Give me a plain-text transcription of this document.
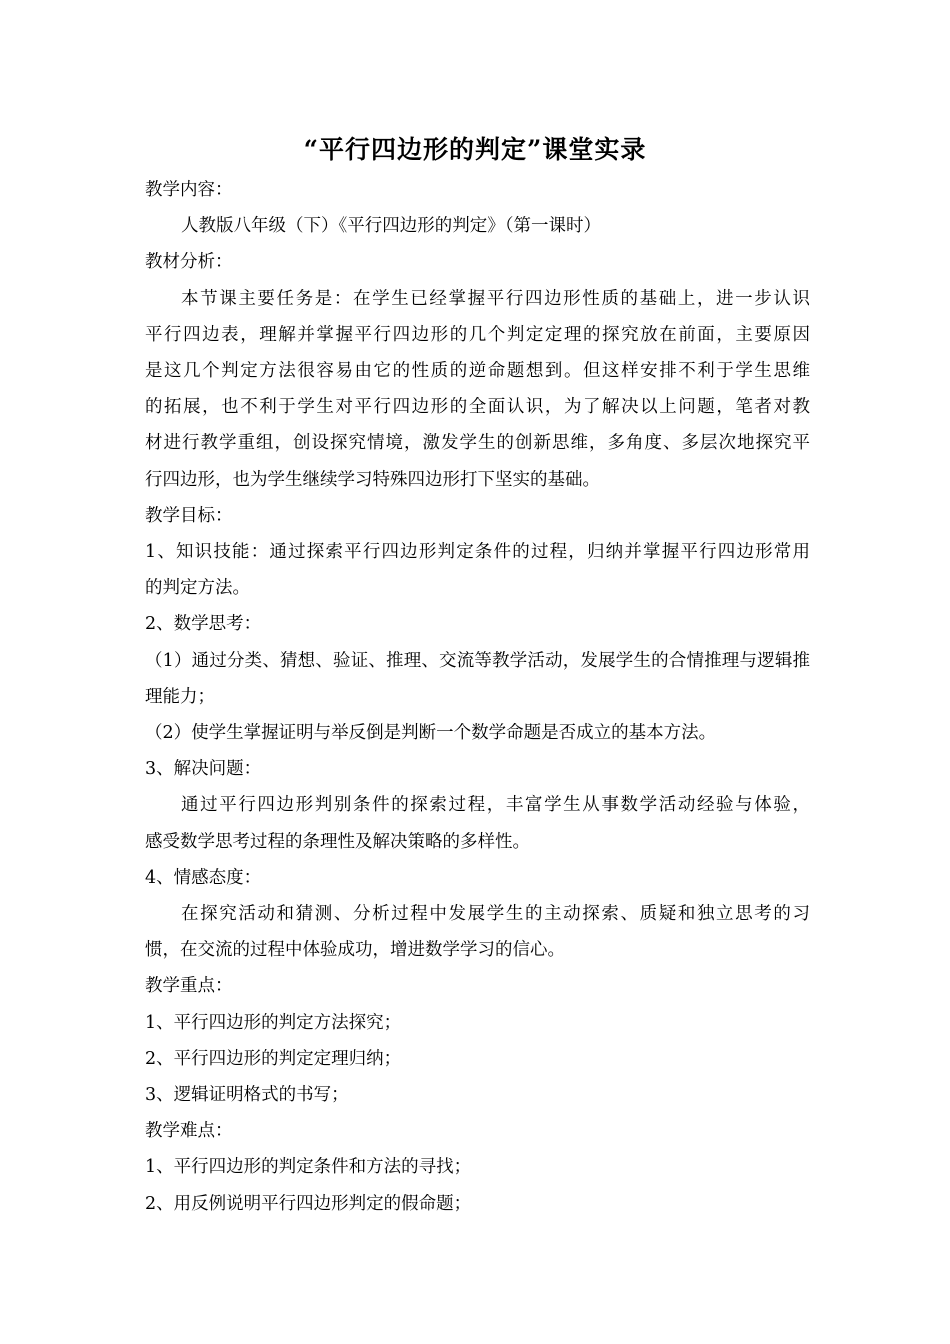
“平行四边形的判定”课堂实录
教学内容：
人教版八年级（下）《平行四边形的判定》（第一课时）
教材分析：
本节课主要任务是：在学生已经掌握平行四边形性质的基础上，进一步认识
平行四边表，理解并掌握平行四边形的几个判定定理的探究放在前面，主要原因
是这几个判定方法很容易由它的性质的逆命题想到。但这样安排不利于学生思维
的拓展，也不利于学生对平行四边形的全面认识，为了解决以上问题，笔者对教
材进行教学重组，创设探究情境，激发学生的创新思维，多角度、多层次地探究平
行四边形，也为学生继续学习特殊四边形打下坚实的基础。
教学目标：
1、知识技能：通过探索平行四边形判定条件的过程，归纳并掌握平行四边形常用
的判定方法。
2、数学思考：
（1）通过分类、猜想、验证、推理、交流等教学活动，发展学生的合情推理与逻辑推
理能力；
（2）使学生掌握证明与举反倒是判断一个数学命题是否成立的基本方法。
3、解决问题：
通过平行四边形判别条件的探索过程，丰富学生从事数学活动经验与体验，
感受数学思考过程的条理性及解决策略的多样性。
4、情感态度：
在探究活动和猜测、分析过程中发展学生的主动探索、质疑和独立思考的习
惯，在交流的过程中体验成功，增进数学学习的信心。
教学重点：
1、平行四边形的判定方法探究；
2、平行四边形的判定定理归纳；
3、逻辑证明格式的书写；
教学难点：
1、平行四边形的判定条件和方法的寻找；
2、用反例说明平行四边形判定的假命题；
